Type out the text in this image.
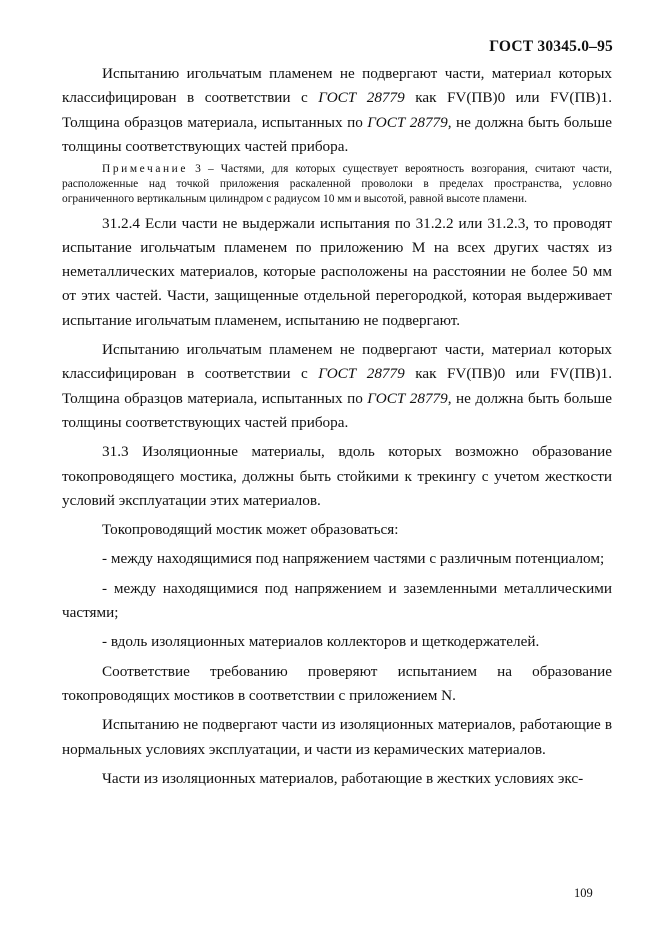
ГОСТ 30345.0–95

Испытанию игольчатым пламенем не подвергают части, материал которых классифицирован в соответствии с ГОСТ 28779 как FV(ПВ)0 или FV(ПВ)1. Толщина образцов материала, испытанных по ГОСТ 28779, не должна быть больше толщины соответствующих частей прибора.

Примечание 3 – Частями, для которых существует вероятность возгорания, считают части, расположенные над точкой приложения раскаленной проволоки в пределах пространства, условно ограниченного вертикальным цилиндром с радиусом 10 мм и высотой, равной высоте пламени.

31.2.4 Если части не выдержали испытания по 31.2.2 или 31.2.3, то проводят испытание игольчатым пламенем по приложению М на всех других частях из неметаллических материалов, которые расположены на расстоянии не более 50 мм от этих частей. Части, защищенные отдельной перегородкой, которая выдерживает испытание игольчатым пламенем, испытанию не подвергают.

Испытанию игольчатым пламенем не подвергают части, материал которых классифицирован в соответствии с ГОСТ 28779 как FV(ПВ)0 или FV(ПВ)1. Толщина образцов материала, испытанных по ГОСТ 28779, не должна быть больше толщины соответствующих частей прибора.

31.3 Изоляционные материалы, вдоль которых возможно образование токопроводящего мостика, должны быть стойкими к трекингу с учетом жесткости условий эксплуатации этих материалов.

Токопроводящий мостик может образоваться:

- между находящимися под напряжением частями с различным потенциалом;

- между находящимися под напряжением и заземленными металлическими частями;

- вдоль изоляционных материалов коллекторов и щеткодержателей.

Соответствие требованию проверяют испытанием на образование токопроводящих мостиков в соответствии с приложением N.

Испытанию не подвергают части из изоляционных материалов, работающие в нормальных условиях эксплуатации, и части из керамических материалов.

Части из изоляционных материалов, работающие в жестких условиях экс-

109
